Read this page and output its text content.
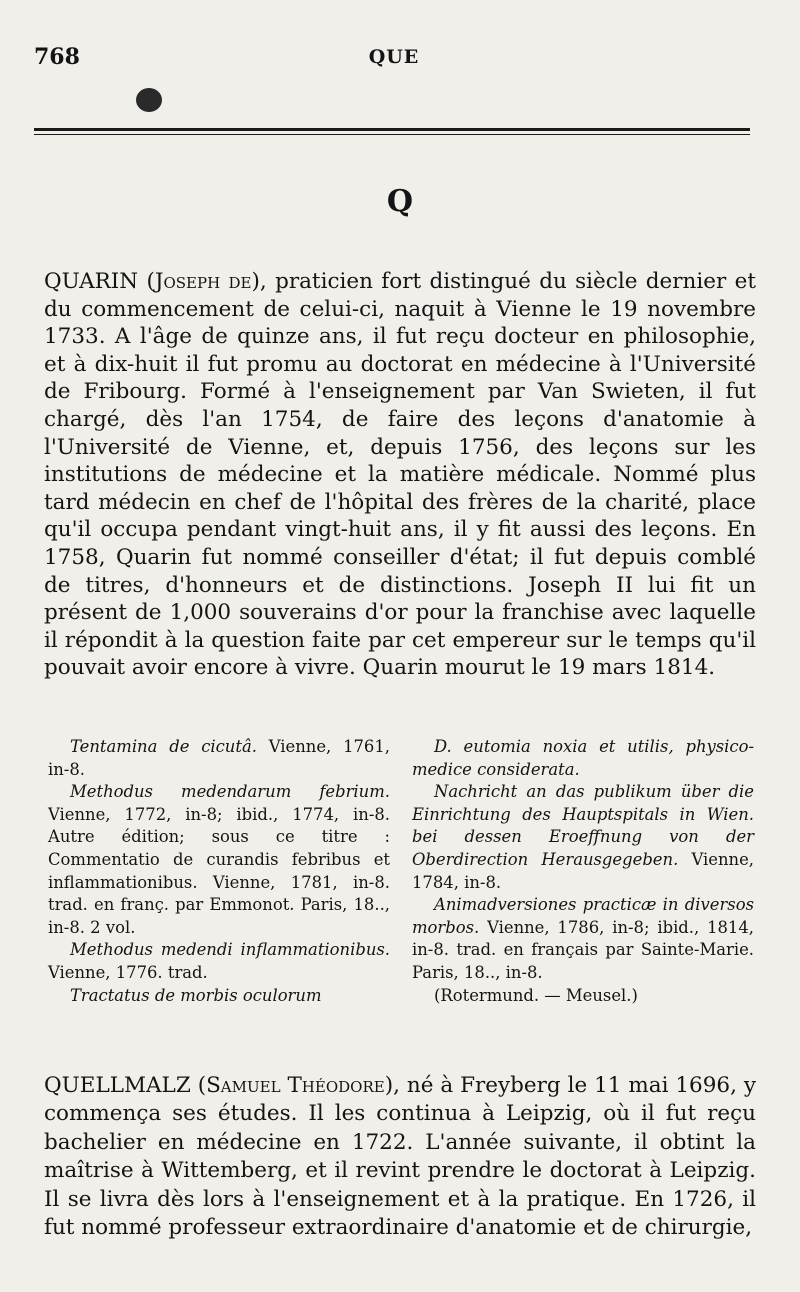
768	QUE
Q

QUARIN (Joseph de), praticien fort distingué du siècle dernier et du commencement de celui-ci, naquit à Vienne le 19 novembre 1733. A l'âge de quinze ans, il fut reçu docteur en philosophie, et à dix-huit il fut promu au doctorat en médecine à l'Université de Fribourg. Formé à l'enseignement par Van Swieten, il fut chargé, dès l'an 1754, de faire des leçons d'anatomie à l'Université de Vienne, et, depuis 1756, des leçons sur les institutions de médecine et la matière médicale. Nommé plus tard médecin en chef de l'hôpital des frères de la charité, place qu'il occupa pendant vingt-huit ans, il y fit aussi des leçons. En 1758, Quarin fut nommé conseiller d'état; il fut depuis comblé de titres, d'honneurs et de distinctions. Joseph II lui fit un présent de 1,000 souverains d'or pour la franchise avec laquelle il répondit à la question faite par cet empereur sur le temps qu'il pouvait avoir encore à vivre. Quarin mourut le 19 mars 1814.

Tentamina de cicutâ. Vienne, 1761, in-8.

Methodus medendarum febrium. Vienne, 1772, in-8; ibid., 1774, in-8. Autre édition; sous ce titre : Commentatio de curandis febribus et inflammationibus. Vienne, 1781, in-8. trad. en franç. par Emmonot. Paris, 18.., in-8. 2 vol.

Methodus medendi inflammationibus. Vienne, 1776. trad.

Tractatus de morbis oculorum

D. eutomia noxia et utilis, physico-medice considerata.

Nachricht an das publikum über die Einrichtung des Hauptspitals in Wien. bei dessen Eroeffnung von der Oberdirection Herausgegeben. Vienne, 1784, in-8.

Animadversiones practicæ in diversos morbos. Vienne, 1786, in-8; ibid., 1814, in-8. trad. en français par Sainte-Marie. Paris, 18.., in-8.

(Rotermund. — Meusel.)

QUELLMALZ (Samuel Théodore), né à Freyberg le 11 mai 1696, y commença ses études. Il les continua à Leipzig, où il fut reçu bachelier en médecine en 1722. L'année suivante, il obtint la maîtrise à Wittemberg, et il revint prendre le doctorat à Leipzig. Il se livra dès lors à l'enseignement et à la pratique. En 1726, il fut nommé professeur extraordinaire d'anatomie et de chirurgie,
